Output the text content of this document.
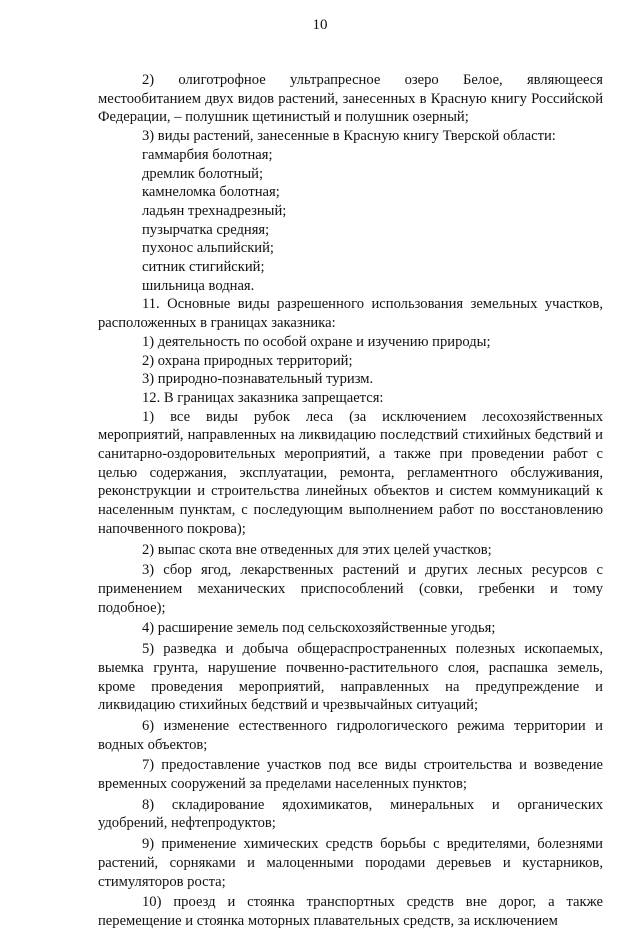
10

2) олиготрофное ультрапресное озеро Белое, являющееся местообитанием двух видов растений, занесенных в Красную книгу Российской Федерации, – полушник щетинистый и полушник озерный;

3) виды растений, занесенные в Красную книгу Тверской области:

гаммарбия болотная;

дремлик болотный;

камнеломка болотная;

ладьян трехнадрезный;

пузырчатка средняя;

пухонос альпийский;

ситник стигийский;

шильница водная.

11. Основные виды разрешенного использования земельных участков, расположенных в границах заказника:

1) деятельность по особой охране и изучению природы;

2) охрана природных территорий;

3) природно-познавательный туризм.

12. В границах заказника запрещается:

1) все виды рубок леса (за исключением лесохозяйственных мероприятий, направленных на ликвидацию последствий стихийных бедствий и санитарно-оздоровительных мероприятий, а также при проведении работ с целью содержания, эксплуатации, ремонта, регламентного обслуживания, реконструкции и строительства линейных объектов и систем коммуникаций к населенным пунктам, с последующим выполнением работ по восстановлению напочвенного покрова);

2) выпас скота вне отведенных для этих целей участков;

3) сбор ягод, лекарственных растений и других лесных ресурсов с применением механических приспособлений (совки, гребенки и тому подобное);

4) расширение земель под сельскохозяйственные угодья;

5) разведка и добыча общераспространенных полезных ископаемых, выемка грунта, нарушение почвенно-растительного слоя, распашка земель, кроме проведения мероприятий, направленных на предупреждение и ликвидацию стихийных бедствий и чрезвычайных ситуаций;

6) изменение естественного гидрологического режима территории и водных объектов;

7) предоставление участков под все виды строительства и возведение временных сооружений за пределами населенных пунктов;

8) складирование ядохимикатов, минеральных и органических удобрений, нефтепродуктов;

9) применение химических средств борьбы с вредителями, болезнями растений, сорняками и малоценными породами деревьев и кустарников, стимуляторов роста;

10) проезд и стоянка транспортных средств вне дорог, а также перемещение и стоянка моторных плавательных средств, за исключением
